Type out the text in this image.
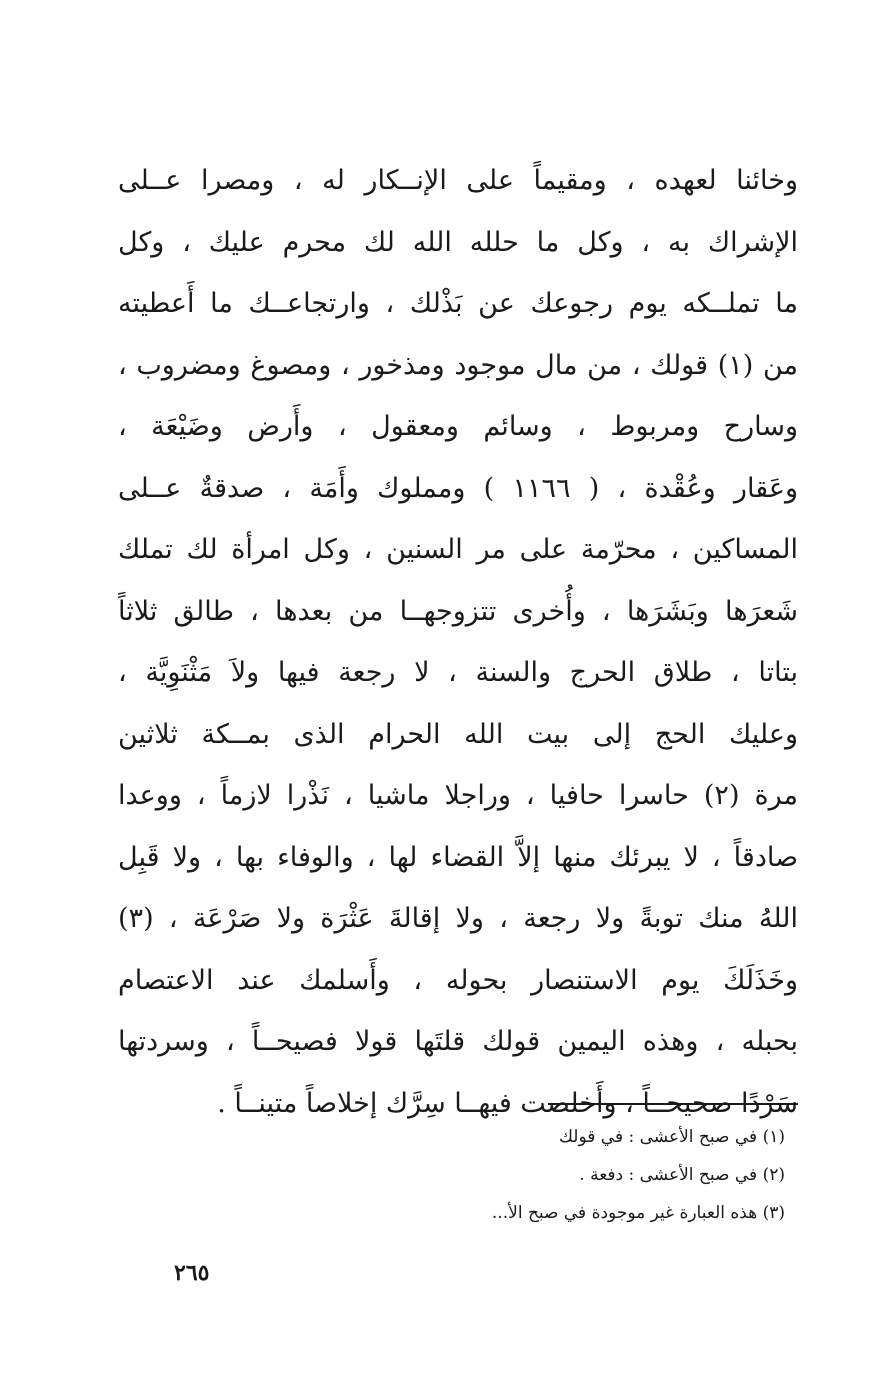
وخائنا لعهده ، ومقيماً على الإنــكار له ، ومصرا عــلى
الإشراك به ، وكل ما حلله الله لك محرم عليك ، وكل
ما تملــكه يوم رجوعك عن بَذْلك ، وارتجاعــك ما أَعطيته
من (١) قولك ، من مال موجود ومذخور ، ومصوغ ومضروب ،
وسارح ومربوط ، وسائم ومعقول ، وأَرض وضَيْعَة ،
وعَقار وعُقْدة ، ( ١١٦٦ ) ومملوك وأَمَة ، صدقةٌ عــلى
المساكين ، محرّمة على مر السنين ، وكل امرأة لك تملك
شَعرَها وبَشَرَها ، وأُخرى تتزوجهــا من بعدها ، طالق ثلاثاً
بتاتا ، طلاق الحرج والسنة ، لا رجعة فيها ولاَ مَثْنَوِيَّة ،
وعليك الحج إلى بيت الله الحرام الذى بمــكة ثلاثين
مرة (٢) حاسرا حافيا ، وراجلا ماشيا ، نَذْرا لازماً ، ووعدا
صادقاً ، لا يبرئك منها إلاَّ القضاء لها ، والوفاء بها ، ولا قَبِل
اللهُ منك توبةً ولا رجعة ، ولا إقالةَ عَثْرَة ولا صَرْعَة ، (٣)
وخَذَلَكَ يوم الاستنصار بحوله ، وأَسلمك عند الاعتصام
بحبله ، وهذه اليمين قولك قلتَها قولا فصيحــاً ، وسردتها
سَرْدًا صحيحــاً ، وأَخلصت فيهــا سِرَّك إخلاصاً متينــاً .
(١) في صبح الأعشى : في قولك
(٢) في صبح الأعشى : دفعة .
(٣) هذه العبارة غير موجودة في صبح الأ...
٢٦٥
